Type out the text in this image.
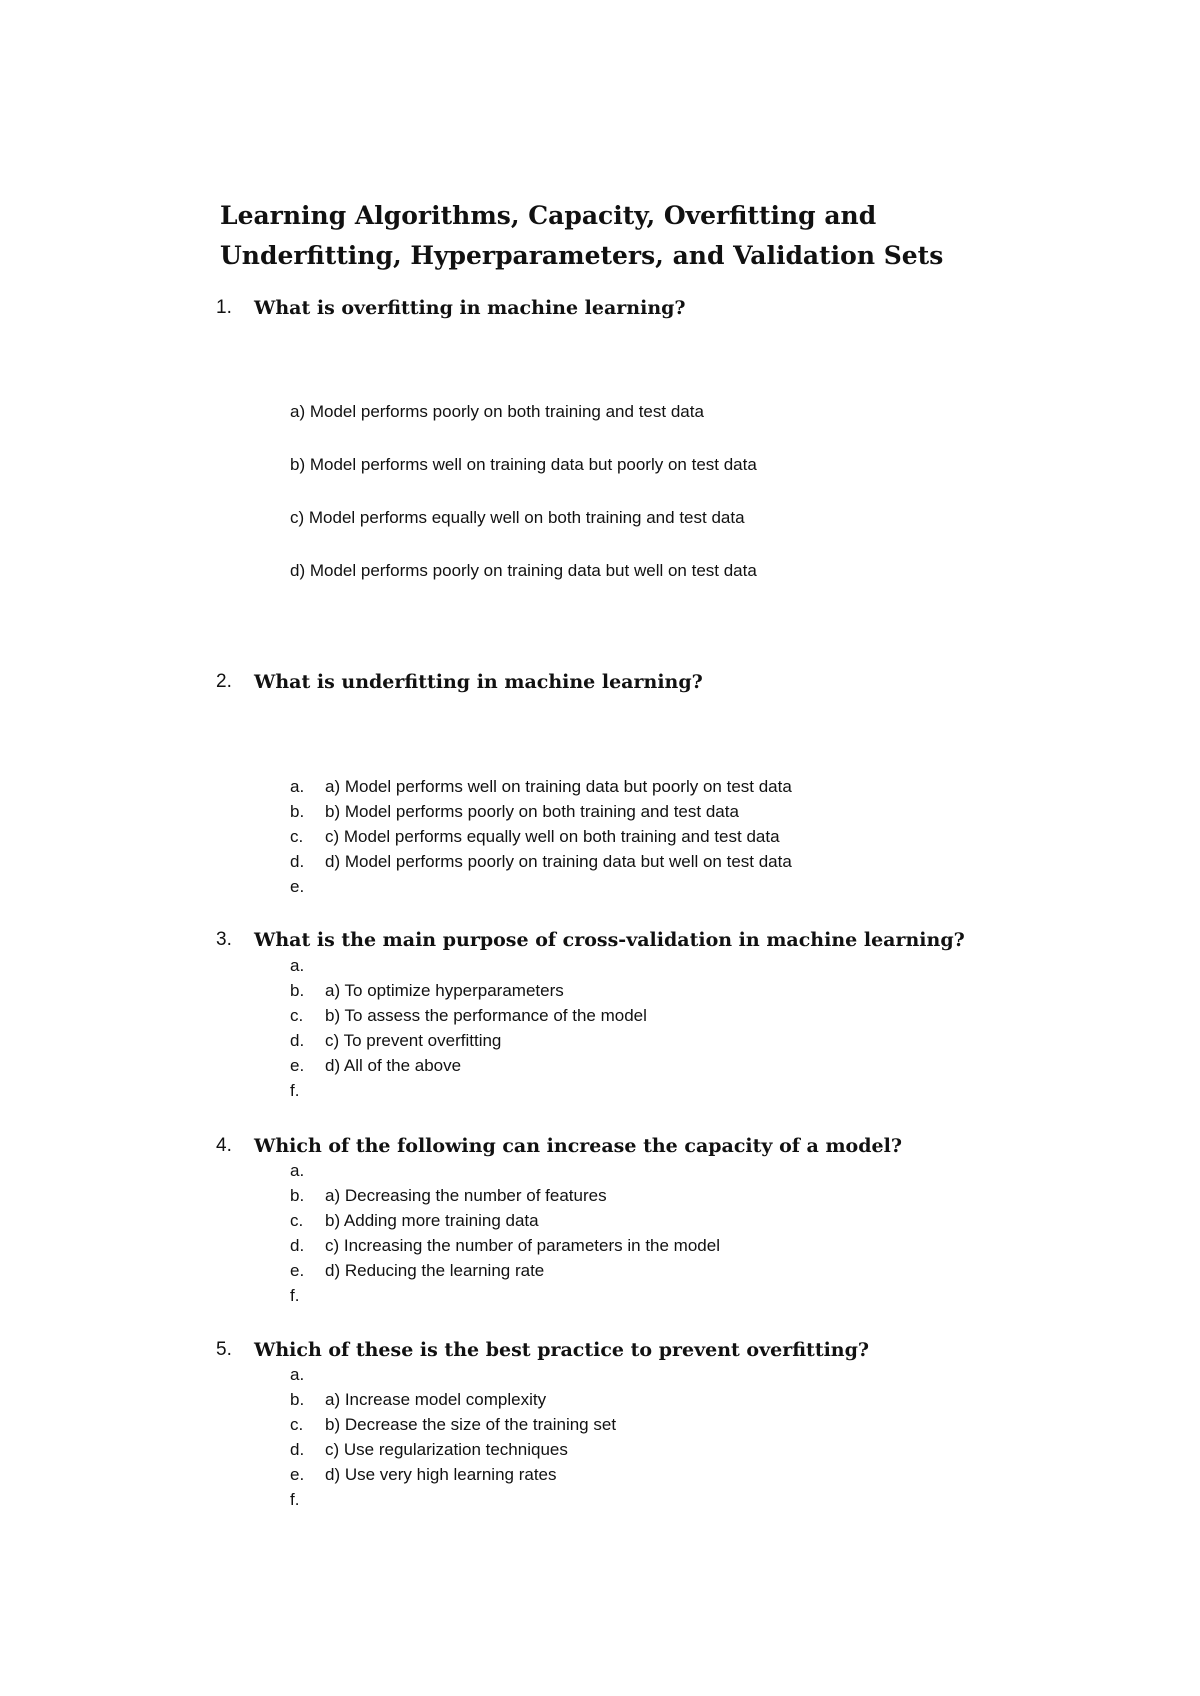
Learning Algorithms, Capacity, Overfitting and
Underfitting, Hyperparameters, and Validation Sets
1.	What is overfitting in machine learning?
a) Model performs poorly on both training and test data
b) Model performs well on training data but poorly on test data
c) Model performs equally well on both training and test data
d) Model performs poorly on training data but well on test data
2.	What is underfitting in machine learning?
a.	a) Model performs well on training data but poorly on test data
b.	b) Model performs poorly on both training and test data
c.	c) Model performs equally well on both training and test data
d.	d) Model performs poorly on training data but well on test data
e.
3.	What is the main purpose of cross-validation in machine learning?
a.
b.	a) To optimize hyperparameters
c.	b) To assess the performance of the model
d.	c) To prevent overfitting
e.	d) All of the above
f.
4.	Which of the following can increase the capacity of a model?
a.
b.	a) Decreasing the number of features
c.	b) Adding more training data
d.	c) Increasing the number of parameters in the model
e.	d) Reducing the learning rate
f.
5.	Which of these is the best practice to prevent overfitting?
a.
b.	a) Increase model complexity
c.	b) Decrease the size of the training set
d.	c) Use regularization techniques
e.	d) Use very high learning rates
f.
